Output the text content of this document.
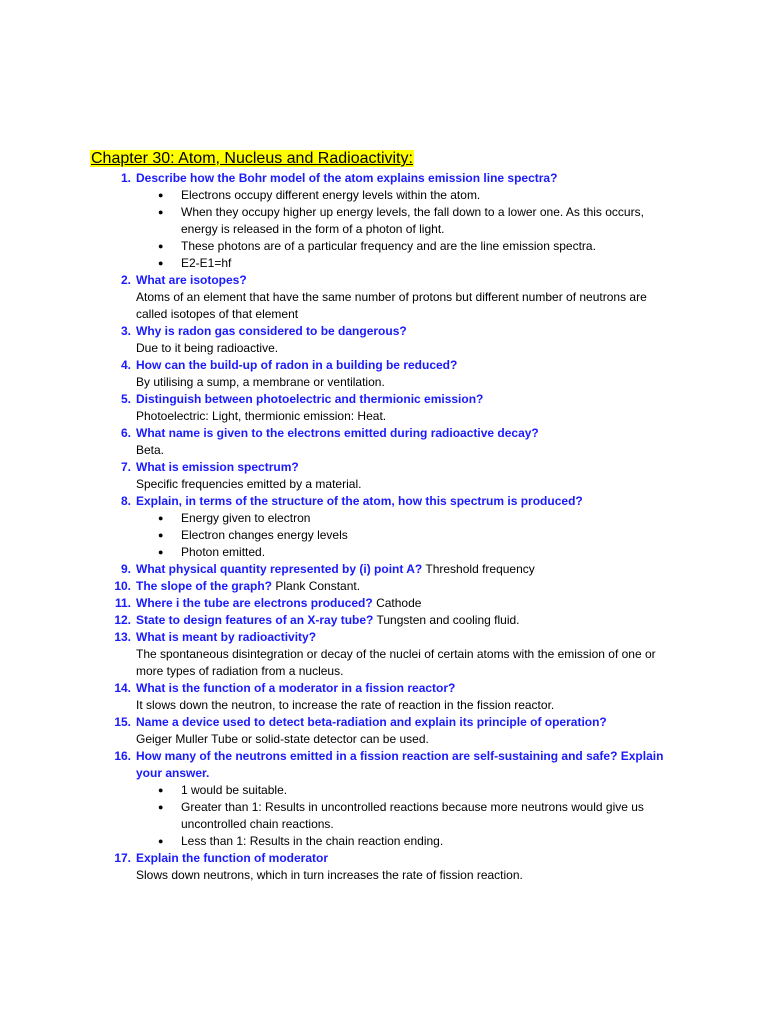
Chapter 30: Atom, Nucleus and Radioactivity:
1. Describe how the Bohr model of the atom explains emission line spectra?
● Electrons occupy different energy levels within the atom.
● When they occupy higher up energy levels, the fall down to a lower one. As this occurs, energy is released in the form of a photon of light.
● These photons are of a particular frequency and are the line emission spectra.
● E2-E1=hf
2. What are isotopes?
Atoms of an element that have the same number of protons but different number of neutrons are called isotopes of that element
3. Why is radon gas considered to be dangerous?
Due to it being radioactive.
4. How can the build-up of radon in a building be reduced?
By utilising a sump, a membrane or ventilation.
5. Distinguish between photoelectric and thermionic emission?
Photoelectric: Light, thermionic emission: Heat.
6. What name is given to the electrons emitted during radioactive decay?
Beta.
7. What is emission spectrum?
Specific frequencies emitted by a material.
8. Explain, in terms of the structure of the atom, how this spectrum is produced?
● Energy given to electron
● Electron changes energy levels
● Photon emitted.
9. What physical quantity represented by (i) point A? Threshold frequency
10. The slope of the graph? Plank Constant.
11. Where i the tube are electrons produced? Cathode
12. State to design features of an X-ray tube? Tungsten and cooling fluid.
13. What is meant by radioactivity?
The spontaneous disintegration or decay of the nuclei of certain atoms with the emission of one or more types of radiation from a nucleus.
14. What is the function of a moderator in a fission reactor?
It slows down the neutron, to increase the rate of reaction in the fission reactor.
15. Name a device used to detect beta-radiation and explain its principle of operation?
Geiger Muller Tube or solid-state detector can be used.
16. How many of the neutrons emitted in a fission reaction are self-sustaining and safe? Explain your answer.
● 1 would be suitable.
● Greater than 1: Results in uncontrolled reactions because more neutrons would give us uncontrolled chain reactions.
● Less than 1: Results in the chain reaction ending.
17. Explain the function of moderator
Slows down neutrons, which in turn increases the rate of fission reaction.
